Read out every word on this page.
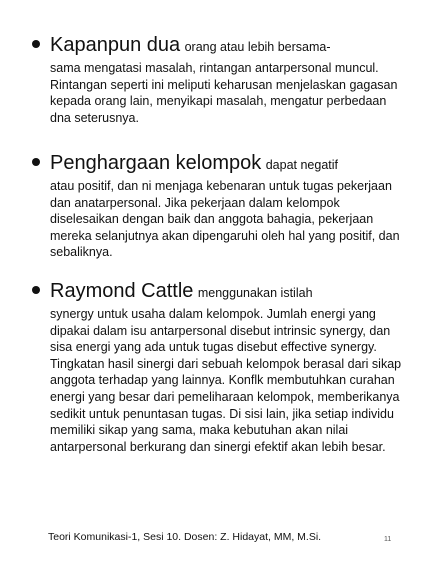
Kapanpun dua orang atau lebih bersama-

sama mengatasi masalah, rintangan antarpersonal muncul. Rintangan seperti ini meliputi keharusan menjelaskan gagasan kepada orang lain, menyikapi masalah, mengatur perbedaan dna seterusnya.

Penghargaan kelompok dapat negatif

atau positif, dan ni menjaga kebenaran untuk tugas pekerjaan dan anatarpersonal. Jika pekerjaan dalam kelompok diselesaikan dengan baik dan anggota bahagia, pekerjaan mereka selanjutnya akan dipengaruhi oleh hal yang positif, dan sebaliknya.

Raymond Cattle menggunakan istilah

synergy untuk usaha dalam kelompok. Jumlah energi yang dipakai dalam isu antarpersonal disebut intrinsic synergy, dan sisa energi yang ada untuk tugas disebut effective synergy. Tingkatan hasil sinergi dari sebuah kelompok berasal dari sikap anggota terhadap yang lainnya. Konflk membutuhkan curahan energi yang besar dari pemeliharaan kelompok, memberikanya sedikit untuk penuntasan tugas. Di sisi lain, jika setiap individu memiliki sikap yang sama, maka kebutuhan akan nilai antarpersonal berkurang dan sinergi efektif akan lebih besar.

Teori Komunikasi-1, Sesi 10. Dosen: Z. Hidayat, MM, M.Si.	11
